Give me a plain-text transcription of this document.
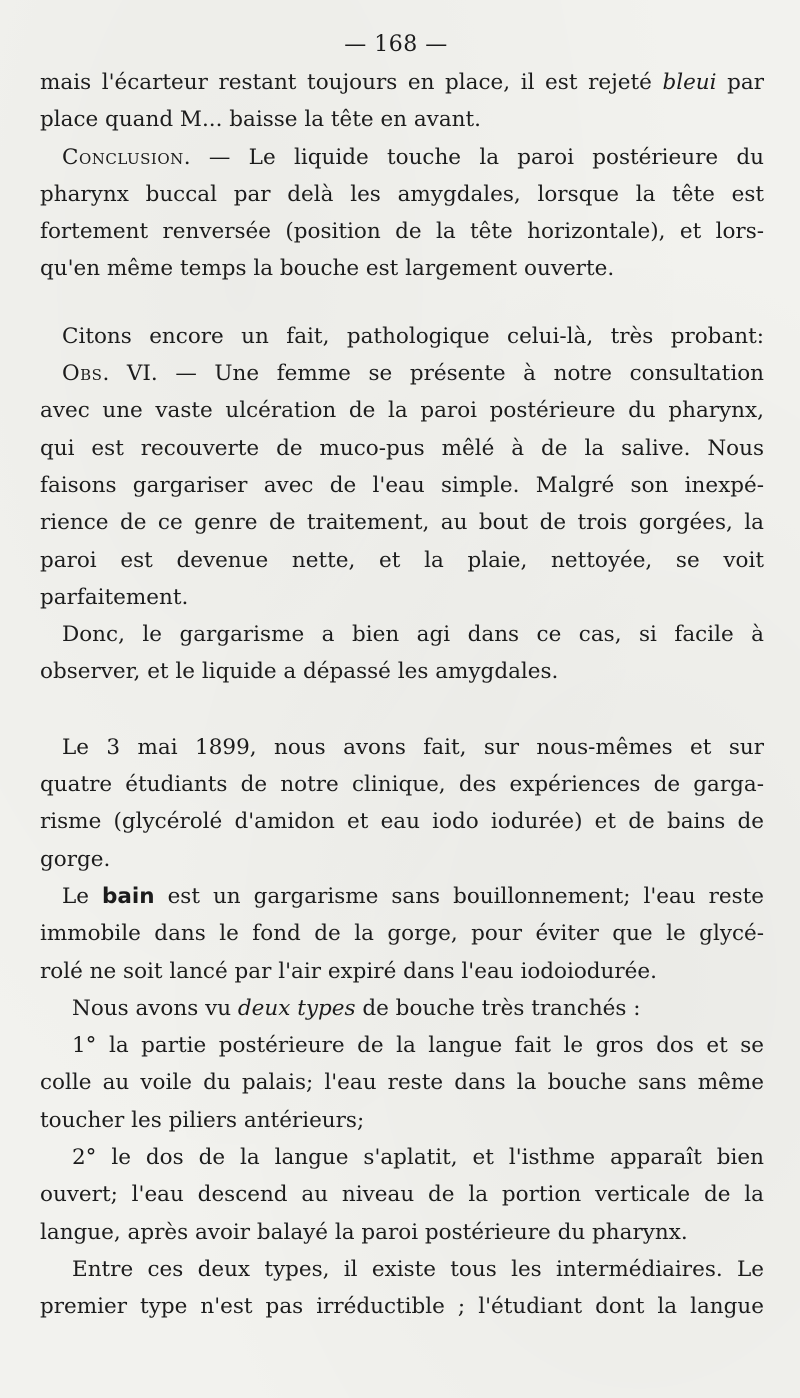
— 168 —
mais l'écarteur restant toujours en place, il est rejeté bleui par
place quand M... baisse la tête en avant.
Conclusion. — Le liquide touche la paroi postérieure du
pharynx buccal par delà les amygdales, lorsque la tête est
fortement renversée (position de la tête horizontale), et lors-
qu'en même temps la bouche est largement ouverte.
Citons encore un fait, pathologique celui-là, très probant:
Obs. VI. — Une femme se présente à notre consultation
avec une vaste ulcération de la paroi postérieure du pharynx,
qui est recouverte de muco-pus mêlé à de la salive. Nous
faisons gargariser avec de l'eau simple. Malgré son inexpé-
rience de ce genre de traitement, au bout de trois gorgées, la
paroi est devenue nette, et la plaie, nettoyée, se voit
parfaitement.
Donc, le gargarisme a bien agi dans ce cas, si facile à
observer, et le liquide a dépassé les amygdales.
Le 3 mai 1899, nous avons fait, sur nous-mêmes et sur
quatre étudiants de notre clinique, des expériences de garga-
risme (glycérolé d'amidon et eau iodo iodurée) et de bains de
gorge.
Le bain est un gargarisme sans bouillonnement; l'eau reste
immobile dans le fond de la gorge, pour éviter que le glycé-
rolé ne soit lancé par l'air expiré dans l'eau iodoiodurée.
Nous avons vu deux types de bouche très tranchés :
1° la partie postérieure de la langue fait le gros dos et se
colle au voile du palais; l'eau reste dans la bouche sans même
toucher les piliers antérieurs;
2° le dos de la langue s'aplatit, et l'isthme apparaît bien
ouvert; l'eau descend au niveau de la portion verticale de la
langue, après avoir balayé la paroi postérieure du pharynx.
Entre ces deux types, il existe tous les intermédiaires. Le
premier type n'est pas irréductible ; l'étudiant dont la langue
